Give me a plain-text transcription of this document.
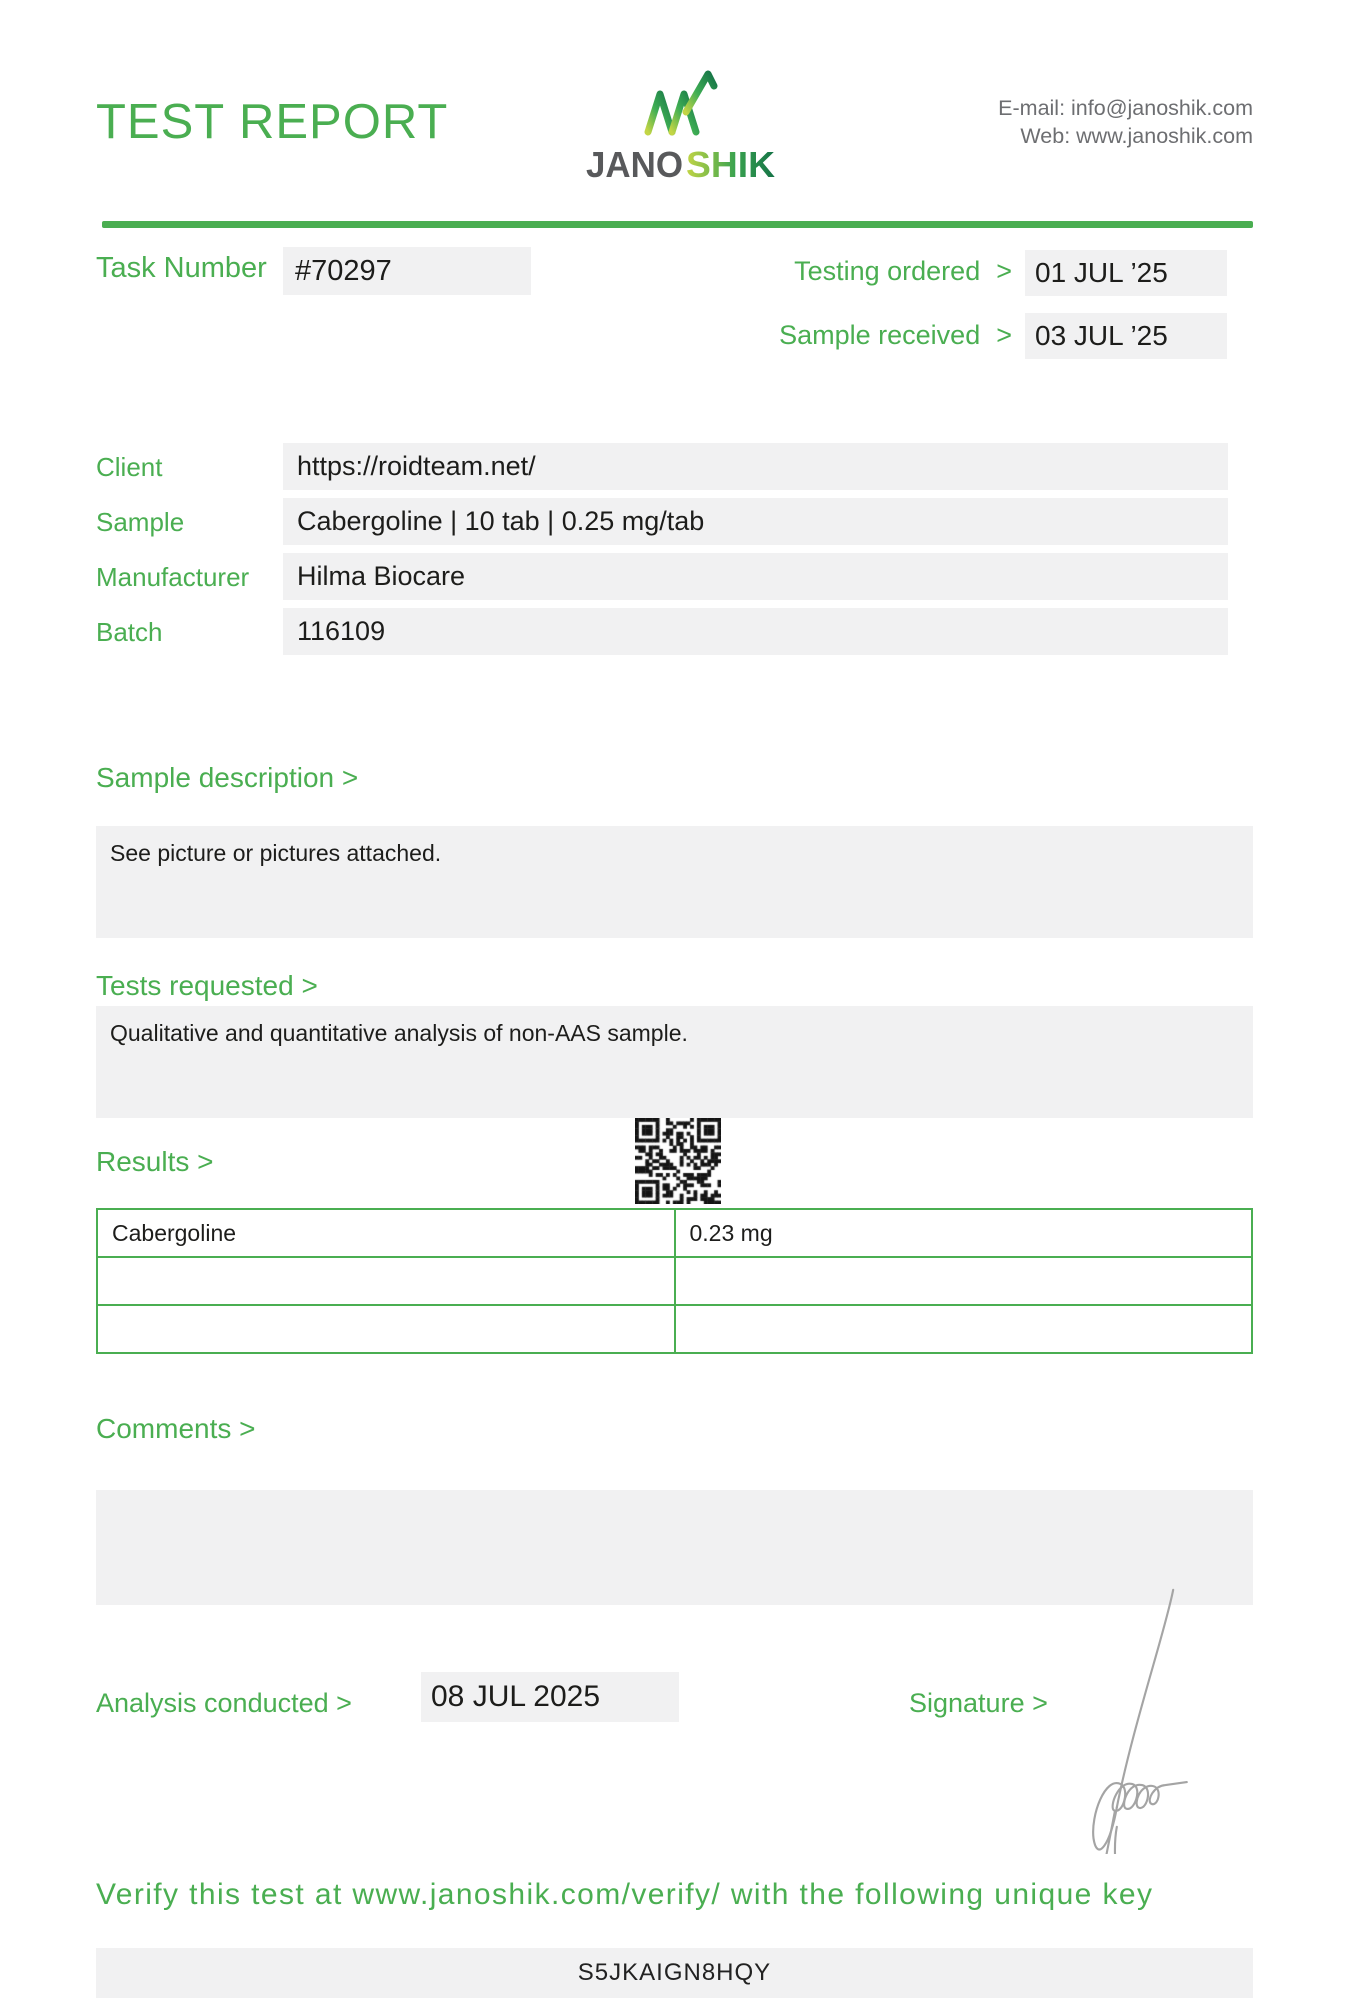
TEST REPORT
JANO SHIK
E-mail: info@janoshik.com
Web: www.janoshik.com
Task Number #70297	Testing ordered > 01 JUL ’25
Sample received > 03 JUL ’25
Client	https://roidteam.net/
Sample	Cabergoline | 10 tab | 0.25 mg/tab
Manufacturer	Hilma Biocare
Batch	116109
Sample description >
See picture or pictures attached.
Tests requested >
Qualitative and quantitative analysis of non-AAS sample.
Results >
Cabergoline	0.23 mg

Comments >
Analysis conducted >	08 JUL 2025	Signature >
Verify this test at www.janoshik.com/verify/ with the following unique key
S5JKAIGN8HQY
